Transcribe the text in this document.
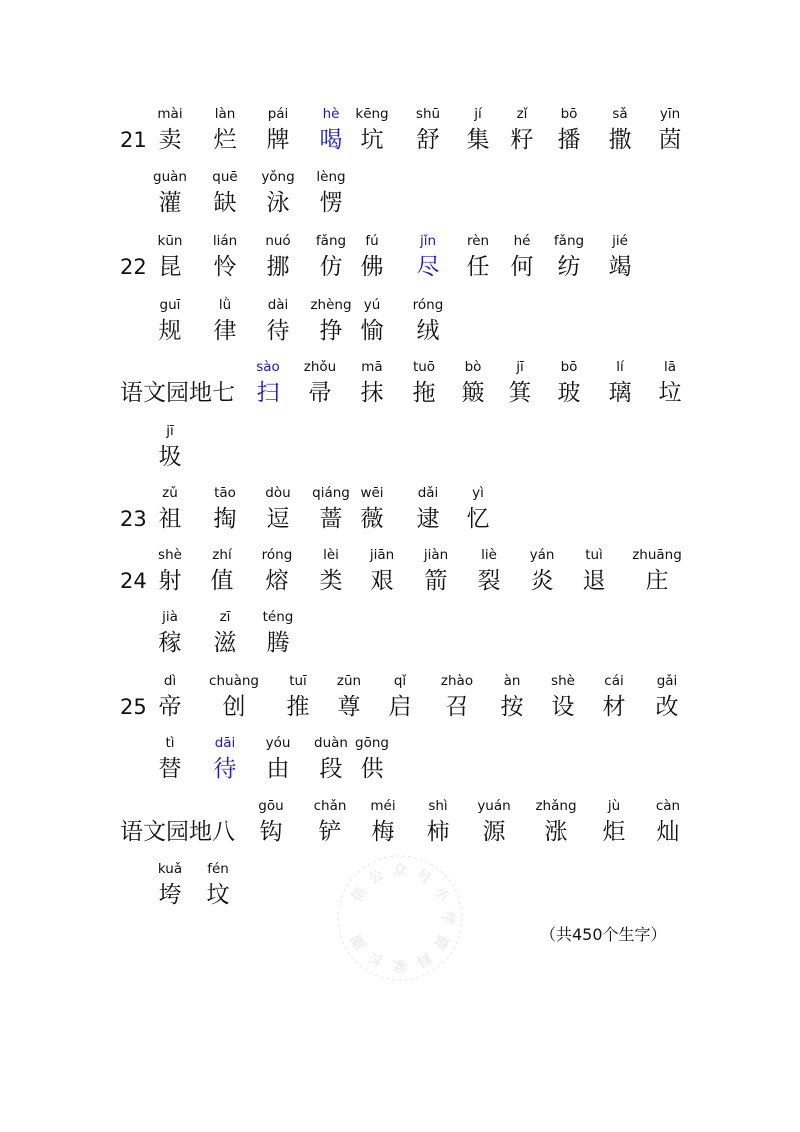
21
mài
卖
làn
烂
pái
牌
hè
喝
kēng
坑
shū
舒
jí
集
zǐ
籽
bō
播
sǎ
撒
yīn
茵
guàn
灌
quē
缺
yǒng
泳
lèng
愣
22
kūn
昆
lián
怜
nuó
挪
fǎng
仿
fú
佛
jǐn
尽
rèn
任
hé
何
fǎng
纺
jié
竭
guī
规
lǜ
律
dài
待
zhèng
挣
yú
愉
róng
绒
语文园地七
sào
扫
zhǒu
帚
mā
抹
tuō
拖
bò
簸
jī
箕
bō
玻
lí
璃
lā
垃
jī
圾
23
zǔ
祖
tāo
掏
dòu
逗
qiáng
蔷
wēi
薇
dǎi
逮
yì
忆
24
shè
射
zhí
值
róng
熔
lèi
类
jiān
艰
jiàn
箭
liè
裂
yán
炎
tuì
退
zhuāng
庄
jià
稼
zī
滋
téng
腾
25
dì
帝
chuàng
创
tuī
推
zūn
尊
qǐ
启
zhào
召
àn
按
shè
设
cái
材
gǎi
改
tì
替
dāi
待
yóu
由
duàn
段
gōng
供
语文园地八
gōu
钩
chǎn
铲
méi
梅
shì
柿
yuán
源
zhǎng
涨
jù
炬
càn
灿
kuǎ
垮
fén
坟	信
公 众 号
小
学
资
料
家
长
圈	（共450个生字）
